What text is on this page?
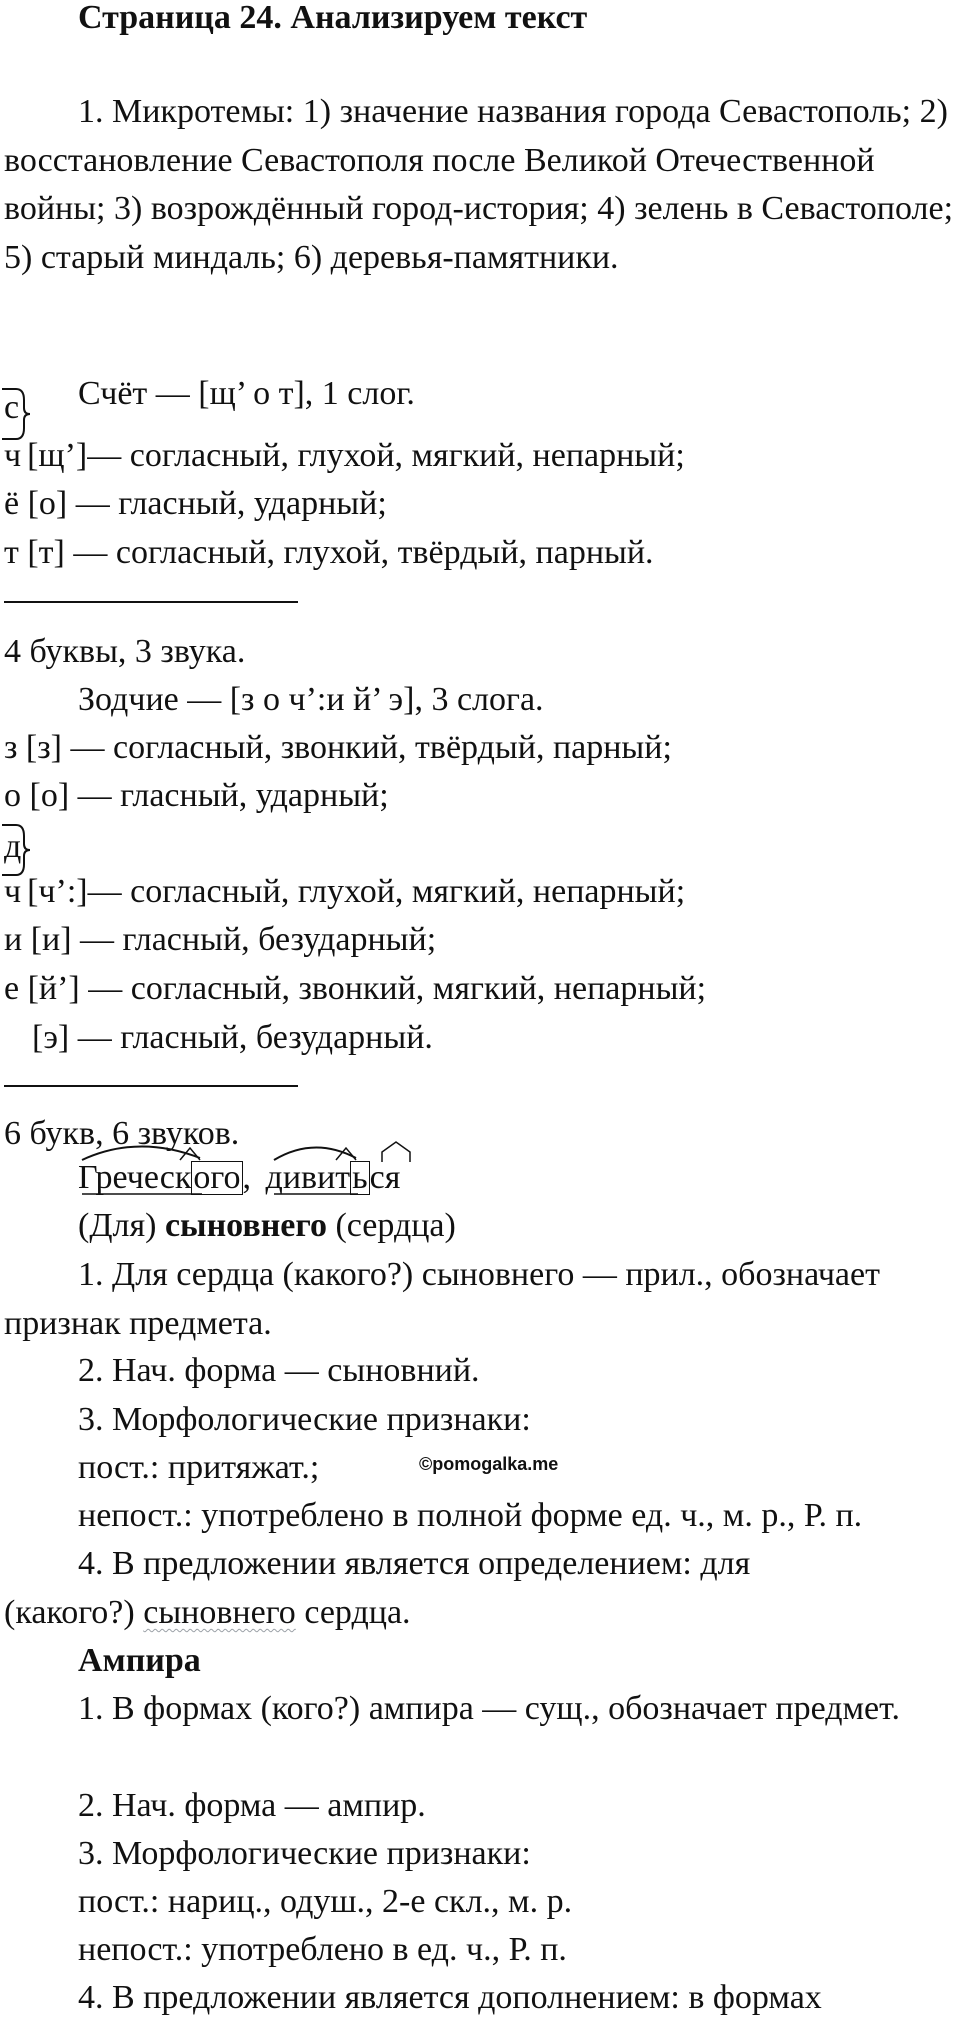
Страница 24. Анализируем текст
1. Микротемы: 1) значение названия города Севастополь; 2) восстановление Севастополя после Великой Отечественной войны; 3) возрождённый город-история; 4) зелень в Севастополе; 5) старый миндаль; 6) деревья-памятники.
Счёт — [щ’ о т], 1 слог.
с
ч [щ’]— согласный, глухой, мягкий, непарный;
ё [о] — гласный, ударный;
т [т] — согласный, глухой, твёрдый, парный.
4 буквы, 3 звука.
Зодчие — [з о ч’:и й’ э], 3 слога.
з [з] — согласный, звонкий, твёрдый, парный;
о [о] — гласный, ударный;
д
ч [ч’:]— согласный, глухой, мягкий, непарный;
и [и] — гласный, безударный;
е [й’] — согласный, звонкий, мягкий, непарный;
[э] — гласный, безударный.
6 букв, 6 звуков.
Греческого, дивиться
(Для) сыновнего (сердца)
1. Для сердца (какого?) сыновнего — прил., обозначает признак предмета.
2. Нач. форма — сыновний.
3. Морфологические признаки:
пост.: притяжат.;	©pomogalka.me
непост.: употреблено в полной форме ед. ч., м. р., Р. п.
4. В предложении является определением: для
(какого?) сыновнего сердца.
Ампира
1. В формах (кого?) ампира — сущ., обозначает предмет.
2. Нач. форма — ампир.
3. Морфологические признаки:
пост.: нариц., одуш., 2-е скл., м. р.
непост.: употреблено в ед. ч., Р. п.
4. В предложении является дополнением: в формах
